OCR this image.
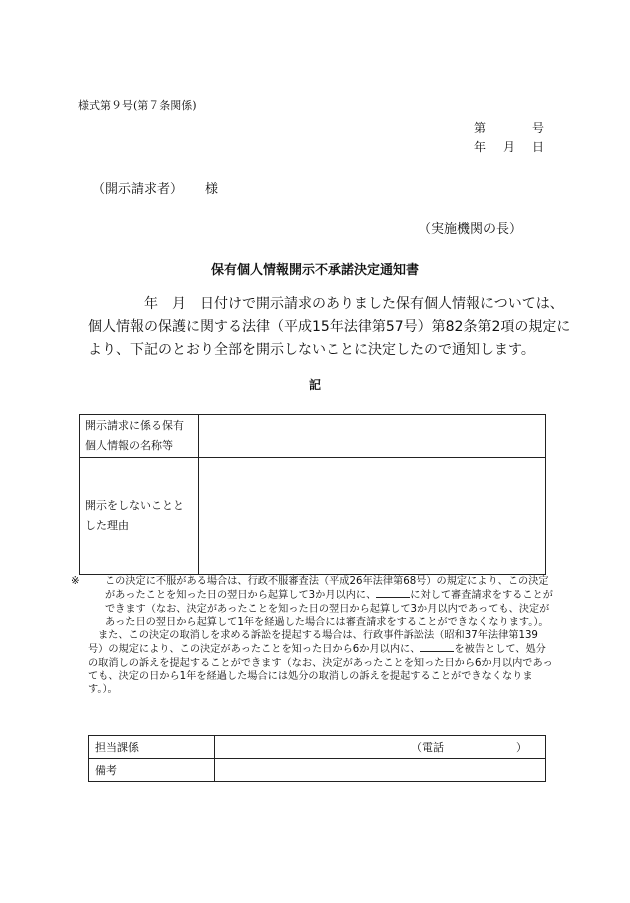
様式第９号(第７条関係)
第	号
年 月 日
（開示請求者） 様
（実施機関の長）
保有個人情報開示不承諾決定通知書

　　　　年　月　日付けで開示請求のありました保有個人情報については、

個人情報の保護に関する法律（平成15年法律第57号）第82条第2項の規定に

より、下記のとおり全部を開示しないことに決定したので通知します。

記
開示請求に係る保有
個人情報の名称等	

開示をしないことと
した理由	

※ この決定に不服がある場合は、行政不服審査法（平成26年法律第68号）の規定により、この決定があったことを知った日の翌日から起算して3か月以内に、	に対して審査請求をすることができます（なお、決定があったことを知った日の翌日から起算して3か月以内であっても、決定があった日の翌日から起算して1年を経過した場合には審査請求をすることができなくなります。）。

また、この決定の取消しを求める訴訟を提起する場合は、行政事件訴訟法（昭和37年法律第139号）の規定により、この決定があったことを知った日から6か月以内に、	を被告として、処分の取消しの訴えを提起することができます（なお、決定があったことを知った日から6か月以内であっても、決定の日から1年を経過した場合には処分の取消しの訴えを提起することができなくなります。）。

担当課係	（電話 ）

備考	
